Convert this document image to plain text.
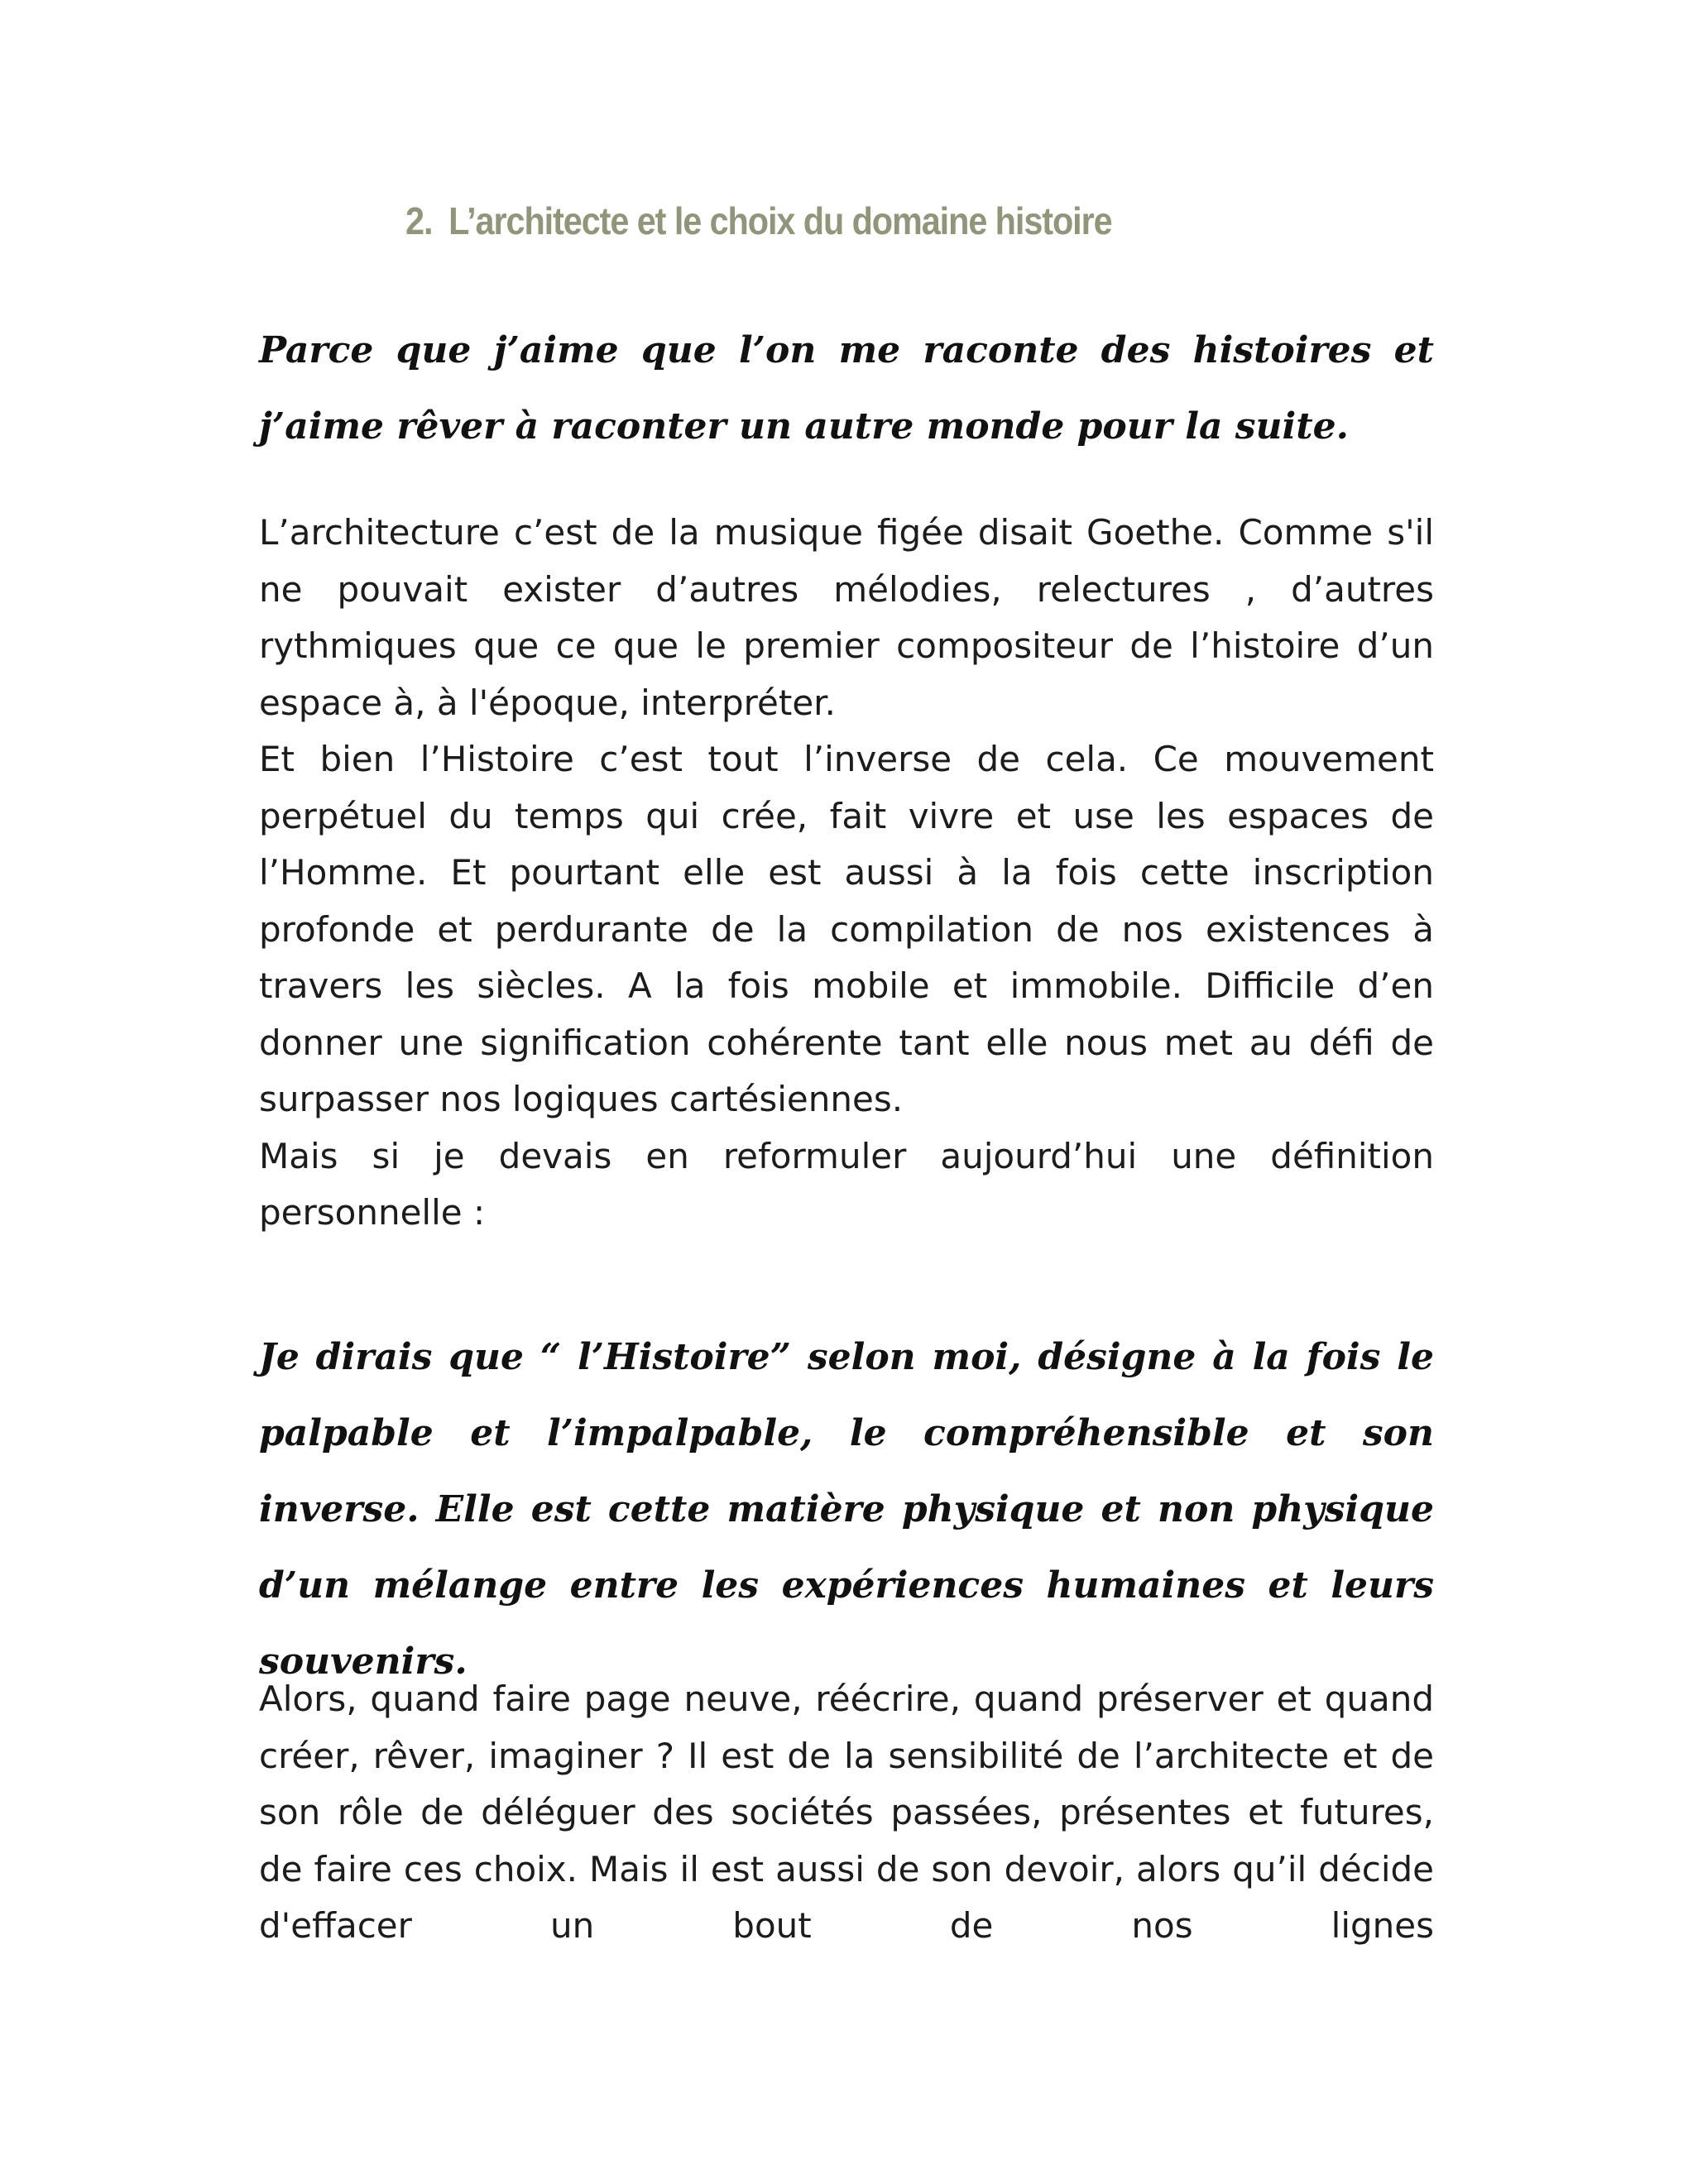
2. L’architecte et le choix du domaine histoire
Parce que j’aime que l’on me raconte des histoires et j’aime rêver à raconter un autre monde pour la suite.

L’architecture c’est de la musique figée disait Goethe. Comme s'il ne pouvait exister d’autres mélodies, relectures , d’autres rythmiques que ce que le premier compositeur de l’histoire d’un espace à, à l'époque, interpréter.

Et bien l’Histoire c’est tout l’inverse de cela. Ce mouvement perpétuel du temps qui crée, fait vivre et use les espaces de l’Homme. Et pourtant elle est aussi à la fois cette inscription profonde et perdurante de la compilation de nos existences à travers les siècles. A la fois mobile et immobile. Difficile d’en donner une signification cohérente tant elle nous met au défi de surpasser nos logiques cartésiennes.

Mais si je devais en reformuler aujourd’hui une définition personnelle :

Je dirais que “ l’Histoire” selon moi, désigne à la fois le palpable et l’impalpable, le compréhensible et son inverse. Elle est cette matière physique et non physique d’un mélange entre les expériences humaines et leurs souvenirs.

Alors, quand faire page neuve, réécrire, quand préserver et quand créer, rêver, imaginer ? Il est de la sensibilité de l’architecte et de son rôle de déléguer des sociétés passées, présentes et futures, de faire ces choix. Mais il est aussi de son devoir, alors qu’il décide d'effacer un bout de nos lignes
